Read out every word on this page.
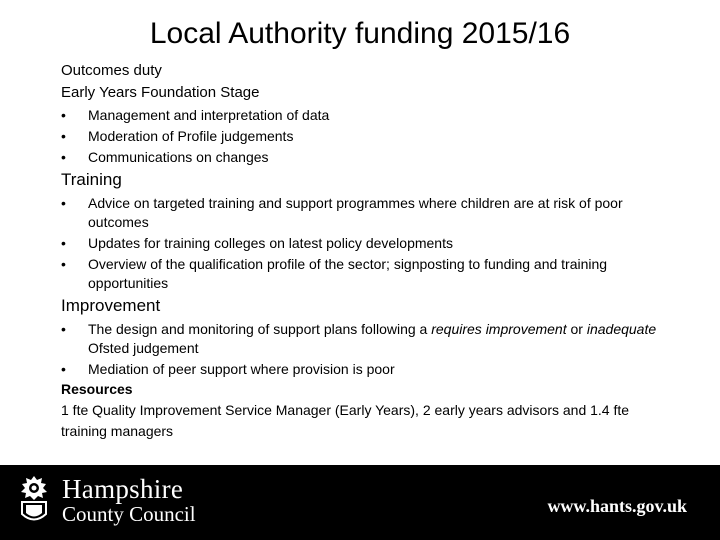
Local Authority funding 2015/16
Outcomes duty
Early Years Foundation Stage
• Management and interpretation of data
• Moderation of Profile judgements
• Communications on changes
Training
• Advice on targeted training and support programmes where children are at risk of poor outcomes
• Updates for training colleges on latest policy developments
• Overview of the qualification profile of the sector; signposting to funding and training opportunities
Improvement
• The design and monitoring of support plans following a requires improvement or inadequate Ofsted judgement
• Mediation of peer support where provision is poor
Resources
1 fte Quality Improvement Service Manager (Early Years), 2 early years advisors and 1.4 fte training managers
Hampshire
County Council	www.hants.gov.uk
